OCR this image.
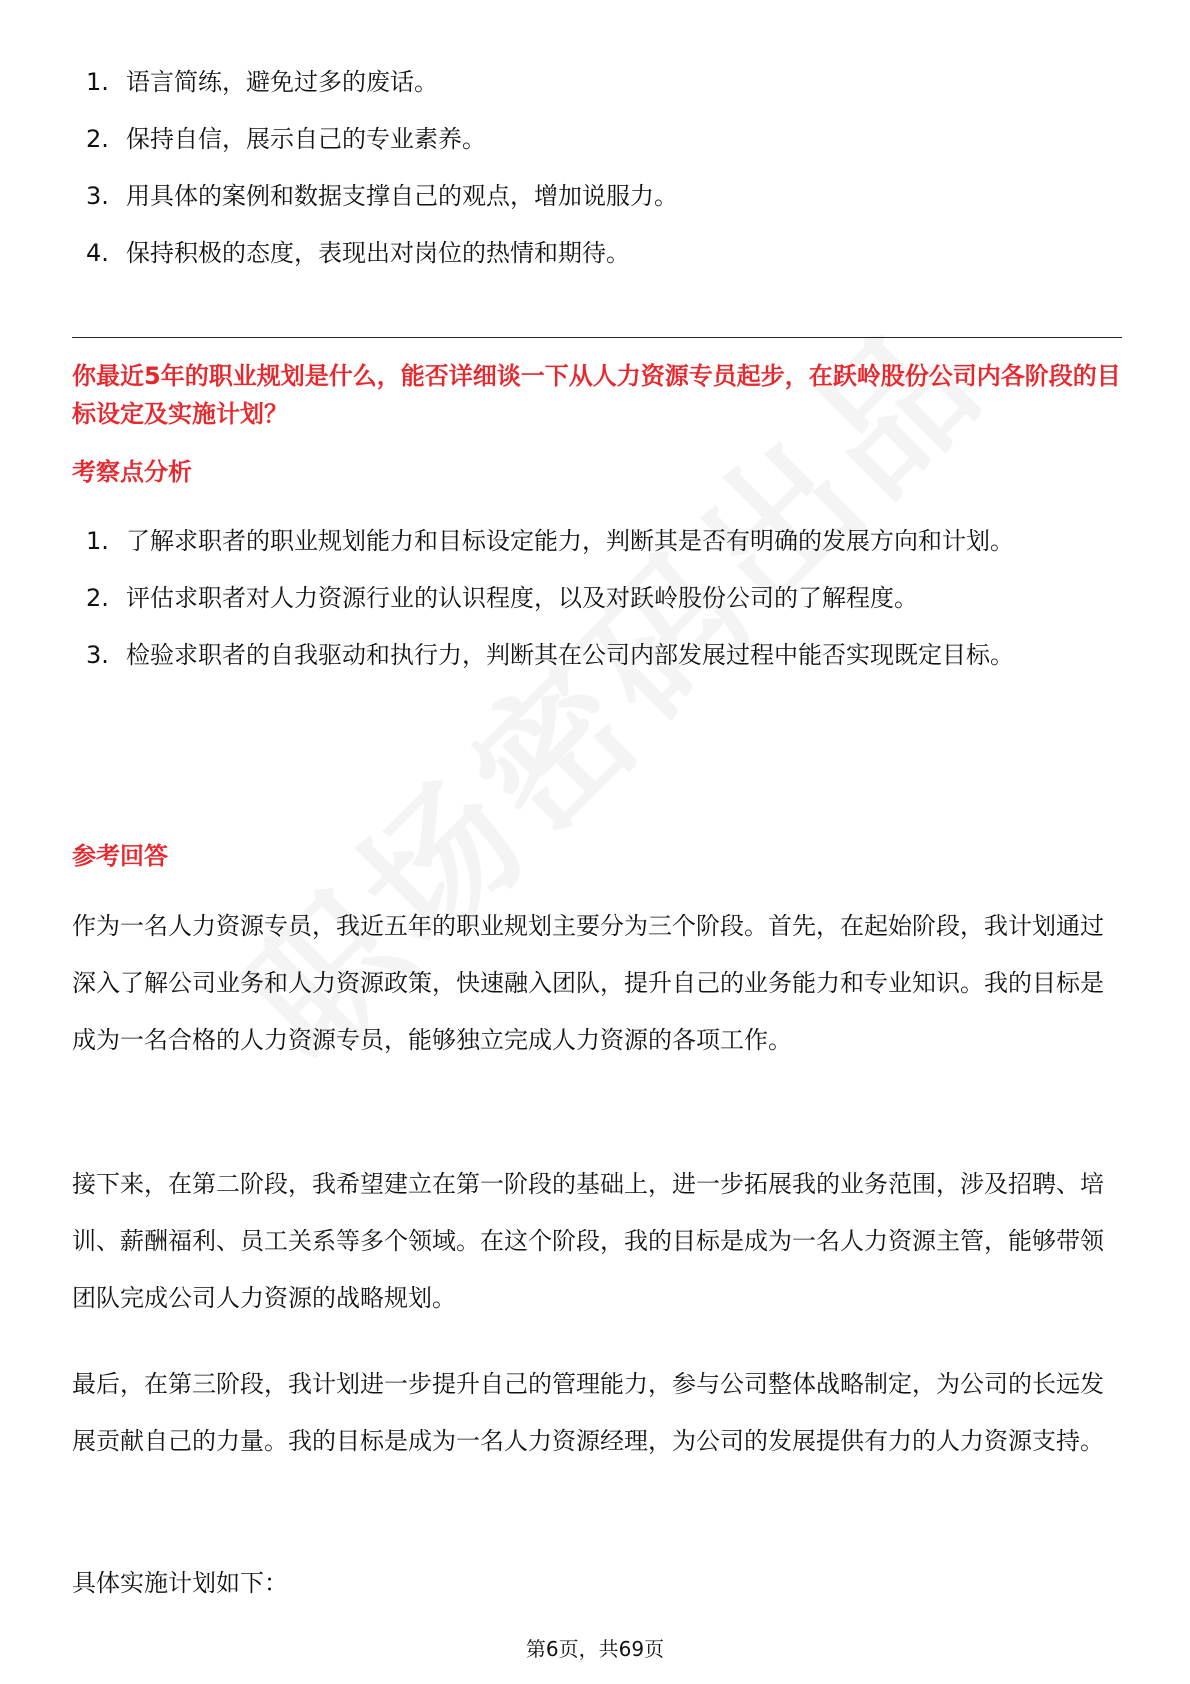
1. 语言简练，避免过多的废话。
2. 保持自信，展示自己的专业素养。
3. 用具体的案例和数据支撑自己的观点，增加说服力。
4. 保持积极的态度，表现出对岗位的热情和期待。
你最近5年的职业规划是什么，能否详细谈一下从人力资源专员起步，在跃岭股份公司内各阶段的目标设定及实施计划？
考察点分析
1. 了解求职者的职业规划能力和目标设定能力，判断其是否有明确的发展方向和计划。
2. 评估求职者对人力资源行业的认识程度，以及对跃岭股份公司的了解程度。
3. 检验求职者的自我驱动和执行力，判断其在公司内部发展过程中能否实现既定目标。
参考回答

作为一名人力资源专员，我近五年的职业规划主要分为三个阶段。首先，在起始阶段，我计划通过深入了解公司业务和人力资源政策，快速融入团队，提升自己的业务能力和专业知识。我的目标是成为一名合格的人力资源专员，能够独立完成人力资源的各项工作。

接下来，在第二阶段，我希望建立在第一阶段的基础上，进一步拓展我的业务范围，涉及招聘、培训、薪酬福利、员工关系等多个领域。在这个阶段，我的目标是成为一名人力资源主管，能够带领团队完成公司人力资源的战略规划。

最后，在第三阶段，我计划进一步提升自己的管理能力，参与公司整体战略制定，为公司的长远发展贡献自己的力量。我的目标是成为一名人力资源经理，为公司的发展提供有力的人力资源支持。

具体实施计划如下：

第6页，共69页
